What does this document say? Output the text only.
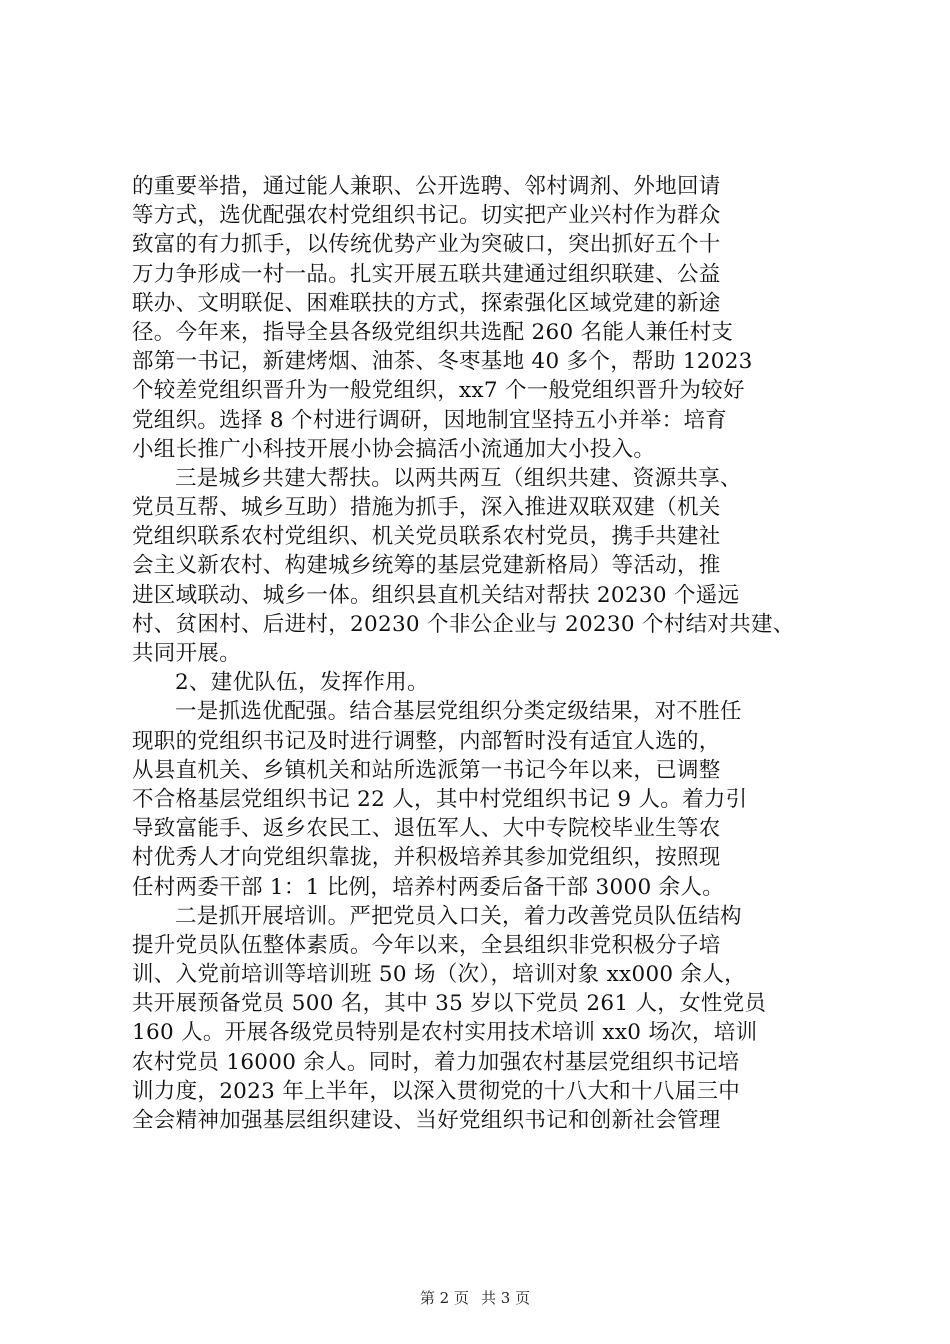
的重要举措，通过能人兼职、公开选聘、邻村调剂、外地回请
等方式，选优配强农村党组织书记。切实把产业兴村作为群众
致富的有力抓手，以传统优势产业为突破口，突出抓好五个十
万力争形成一村一品。扎实开展五联共建通过组织联建、公益
联办、文明联促、困难联扶的方式，探索强化区域党建的新途
径。今年来，指导全县各级党组织共选配 260 名能人兼任村支
部第一书记，新建烤烟、油茶、冬枣基地 40 多个，帮助 12023
个较差党组织晋升为一般党组织，xx7 个一般党组织晋升为较好
党组织。选择 8 个村进行调研，因地制宜坚持五小并举：培育
小组长推广小科技开展小协会搞活小流通加大小投入。
三是城乡共建大帮扶。以两共两互（组织共建、资源共享、
党员互帮、城乡互助）措施为抓手，深入推进双联双建（机关
党组织联系农村党组织、机关党员联系农村党员，携手共建社
会主义新农村、构建城乡统筹的基层党建新格局）等活动，推
进区域联动、城乡一体。组织县直机关结对帮扶 20230 个遥远
村、贫困村、后进村，20230 个非公企业与 20230 个村结对共建、
共同开展。
2、建优队伍，发挥作用。
一是抓选优配强。结合基层党组织分类定级结果，对不胜任
现职的党组织书记及时进行调整，内部暂时没有适宜人选的，
从县直机关、乡镇机关和站所选派第一书记今年以来，已调整
不合格基层党组织书记 22 人，其中村党组织书记 9 人。着力引
导致富能手、返乡农民工、退伍军人、大中专院校毕业生等农
村优秀人才向党组织靠拢，并积极培养其参加党组织，按照现
任村两委干部 1：1 比例，培养村两委后备干部 3000 余人。
二是抓开展培训。严把党员入口关，着力改善党员队伍结构
提升党员队伍整体素质。今年以来，全县组织非党积极分子培
训、入党前培训等培训班 50 场（次），培训对象 xx000 余人，
共开展预备党员 500 名，其中 35 岁以下党员 261 人，女性党员
160 人。开展各级党员特别是农村实用技术培训 xx0 场次，培训
农村党员 16000 余人。同时，着力加强农村基层党组织书记培
训力度，2023 年上半年，以深入贯彻党的十八大和十八届三中
全会精神加强基层组织建设、当好党组织书记和创新社会管理
第 2 页 共 3 页
